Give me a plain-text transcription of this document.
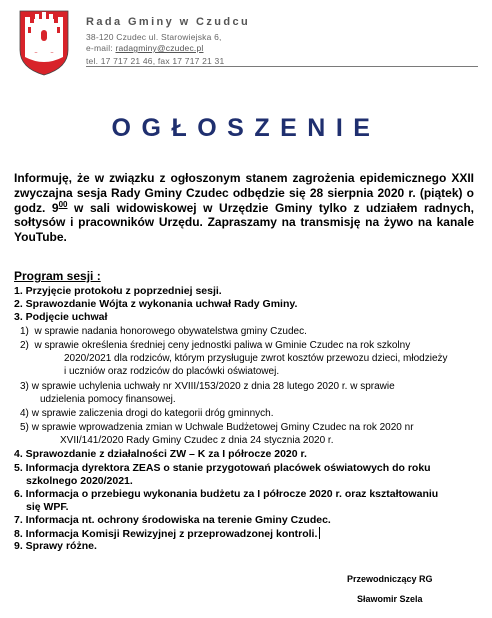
Rada Gminy w Czudcu
38-120 Czudec ul. Starowiejska 6,
e-mail: radagminy@czudec.pl
tel. 17 717 21 46, fax 17 717 21 31
OGŁOSZENIE
Informuję, że w związku z ogłoszonym stanem zagrożenia epidemicznego XXII zwyczajna sesja Rady Gminy Czudec odbędzie się 28 sierpnia 2020 r. (piątek) o godz. $9^{00}$ w sali widowiskowej w Urzędzie Gminy tylko z udziałem radnych, sołtysów i pracowników Urzędu. Zapraszamy na transmisję na żywo na kanale YouTube.
Program sesji :
1. Przyjęcie protokołu z poprzedniej sesji.
2. Sprawozdanie Wójta z wykonania uchwał Rady Gminy.
3. Podjęcie uchwał
1) w sprawie nadania honorowego obywatelstwa gminy Czudec.
2) w sprawie określenia średniej ceny jednostki paliwa w Gminie Czudec na rok szkolny
2020/2021 dla rodziców, którym przysługuje zwrot kosztów przewozu dzieci, młodzieży
i uczniów oraz rodziców do placówki oświatowej.
3) w sprawie uchylenia uchwały nr XVIII/153/2020 z dnia 28 lutego 2020 r. w sprawie
udzielenia pomocy finansowej.
4) w sprawie zaliczenia drogi do kategorii dróg gminnych.
5) w sprawie wprowadzenia zmian w Uchwale Budżetowej Gminy Czudec na rok 2020 nr
XVII/141/2020 Rady Gminy Czudec z dnia 24 stycznia 2020 r.
4. Sprawozdanie z działalności ZW – K za I półrocze 2020 r.
5. Informacja dyrektora ZEAS o stanie przygotowań placówek oświatowych do roku
szkolnego 2020/2021.
6. Informacja o przebiegu wykonania budżetu za I półrocze 2020 r. oraz kształtowaniu
się WPF.
7. Informacja nt. ochrony środowiska na terenie Gminy Czudec.
8. Informacja Komisji Rewizyjnej z przeprowadzonej kontroli.
9. Sprawy różne.
Przewodniczący RG
Sławomir Szela
